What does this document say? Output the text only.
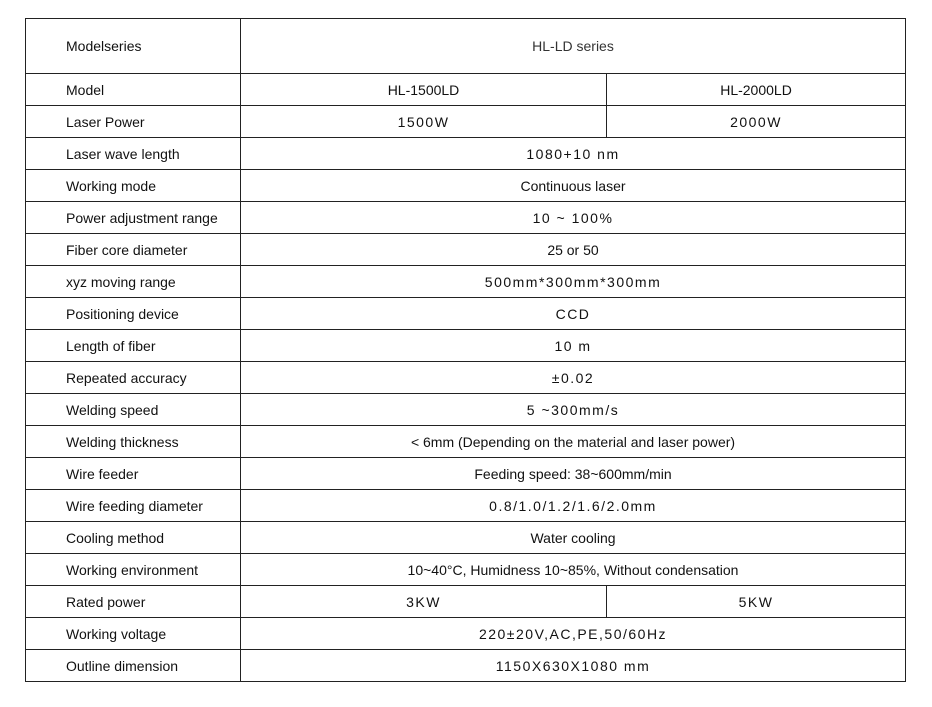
Modelseries	HL-LD series	
Model	HL-1500LD	HL-2000LD
Laser Power	1500W	2000W
Laser wave length	1080+10 nm	
Working mode	Continuous laser	
Power adjustment range	10 ~ 100%	
Fiber core diameter	25 or 50	
xyz moving range	500mm*300mm*300mm	
Positioning device	CCD	
Length of fiber	10 m	
Repeated accuracy	±0.02	
Welding speed	5 ~300mm/s	
Welding thickness	< 6mm (Depending on the material and laser power)	
Wire feeder	Feeding speed: 38~600mm/min	
Wire feeding diameter	0.8/1.0/1.2/1.6/2.0mm	
Cooling method	Water cooling	
Working environment	10~40°C, Humidness 10~85%, Without condensation	
Rated power	3KW	5KW
Working voltage	220±20V,AC,PE,50/60Hz	
Outline dimension	1150X630X1080 mm	
